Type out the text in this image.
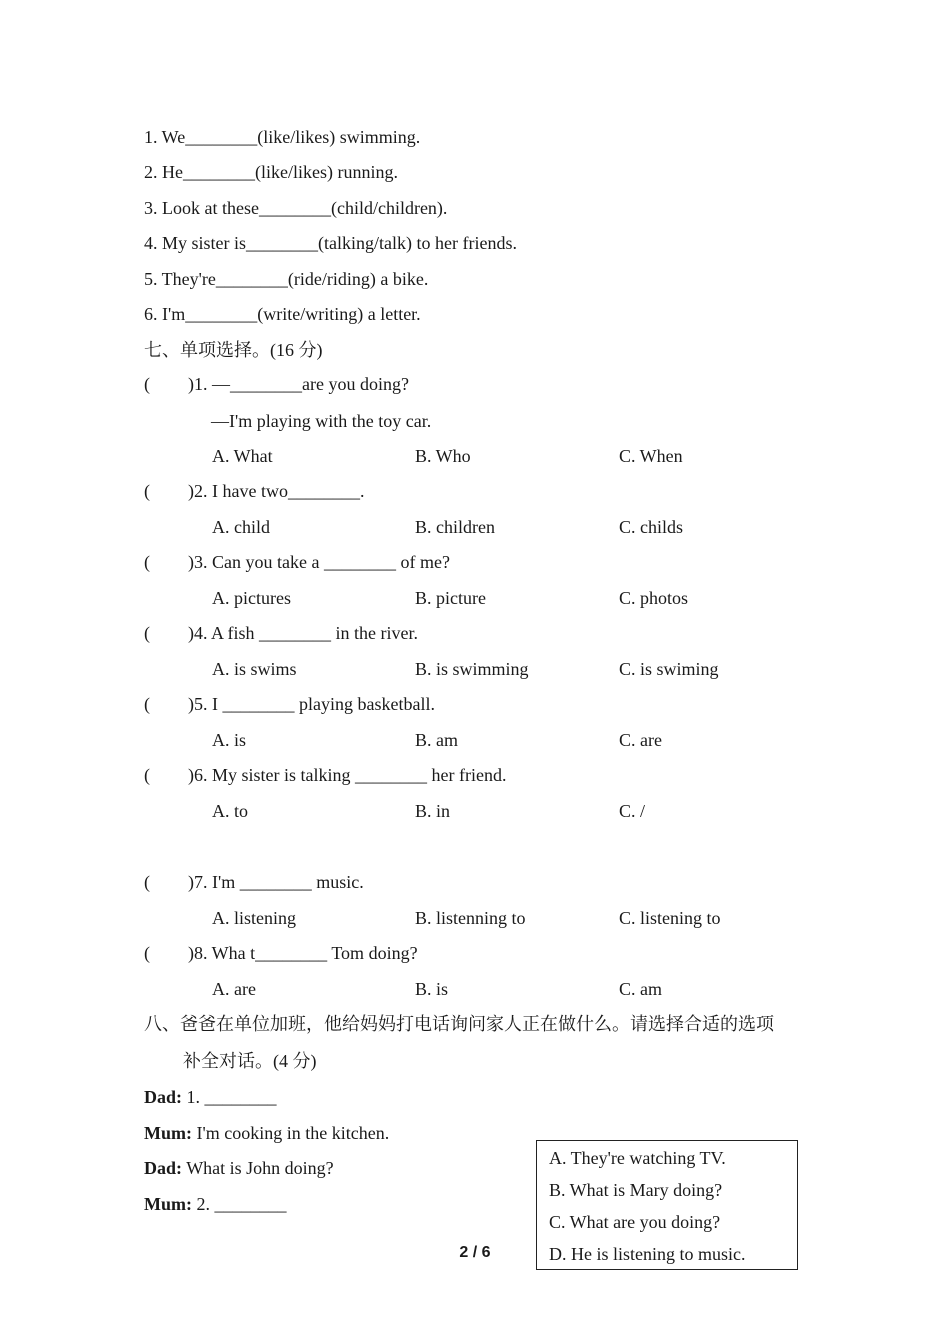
1. We________(like/likes) swimming.
2. He________(like/likes) running.
3. Look at these________(child/children).
4. My sister is________(talking/talk) to her friends.
5. They're________(ride/riding) a bike.
6. I'm________(write/writing) a letter.
七、单项选择。(16 分)
( )1. —________are you doing?
—I'm playing with the toy car.
A. What	B. Who	C. When
( )2. I have two________.
A. child	B. children	C. childs
( )3. Can you take a ________ of me?
A. pictures	B. picture	C. photos
( )4. A fish ________ in the river.
A. is swims	B. is swimming	C. is swiming
( )5. I ________ playing basketball.
A. is	B. am	C. are
( )6. My sister is talking ________ her friend.
A. to	B. in	C. /
( )7. I'm ________ music.
A. listening	B. listenning to	C. listening to
( )8. Wha t________ Tom doing?
A. are	B. is	C. am
八、爸爸在单位加班，他给妈妈打电话询问家人正在做什么。请选择合适的选项
补全对话。(4 分)
Dad: 1. ________
Mum: I'm cooking in the kitchen.
Dad: What is John doing?
Mum: 2. ________
A. They're watching TV.
B. What is Mary doing?
C. What are you doing?
D. He is listening to music.
2 / 6
